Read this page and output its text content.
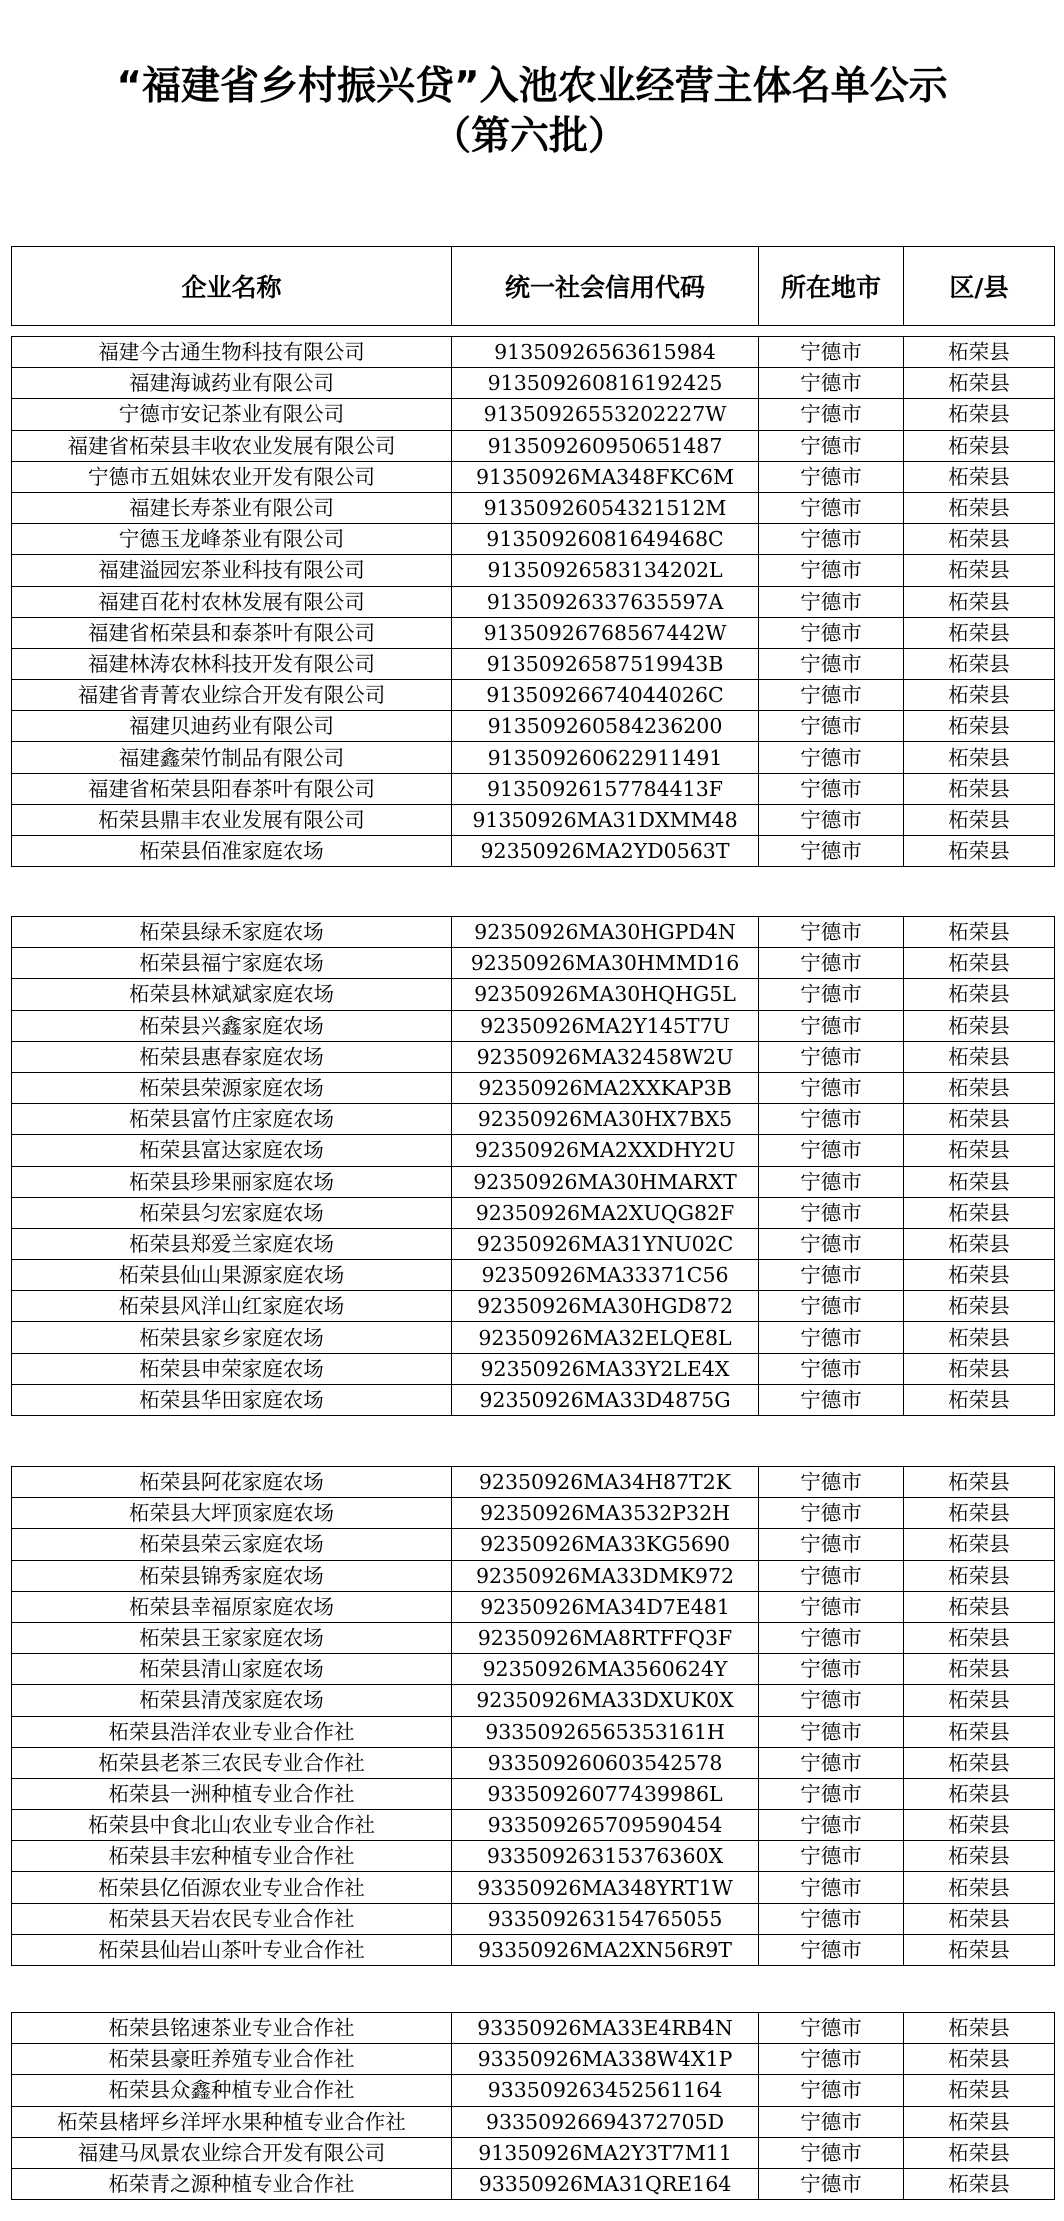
“福建省乡村振兴贷”入池农业经营主体名单公示
（第六批）
企业名称	统一社会信用代码	所在地市	区/县
福建今古通生物科技有限公司	91350926563615984	宁德市	柘荣县
福建海诚药业有限公司	913509260816192425	宁德市	柘荣县
宁德市安记茶业有限公司	91350926553202227W	宁德市	柘荣县
福建省柘荣县丰收农业发展有限公司	913509260950651487	宁德市	柘荣县
宁德市五姐妹农业开发有限公司	91350926MA348FKC6M	宁德市	柘荣县
福建长寿茶业有限公司	91350926054321512M	宁德市	柘荣县
宁德玉龙峰茶业有限公司	91350926081649468C	宁德市	柘荣县
福建溢园宏茶业科技有限公司	91350926583134202L	宁德市	柘荣县
福建百花村农林发展有限公司	91350926337635597A	宁德市	柘荣县
福建省柘荣县和泰茶叶有限公司	91350926768567442W	宁德市	柘荣县
福建林涛农林科技开发有限公司	91350926587519943B	宁德市	柘荣县
福建省青菁农业综合开发有限公司	91350926674044026C	宁德市	柘荣县
福建贝迪药业有限公司	913509260584236200	宁德市	柘荣县
福建鑫荣竹制品有限公司	913509260622911491	宁德市	柘荣县
福建省柘荣县阳春茶叶有限公司	91350926157784413F	宁德市	柘荣县
柘荣县鼎丰农业发展有限公司	91350926MA31DXMM48	宁德市	柘荣县
柘荣县佰准家庭农场	92350926MA2YD0563T	宁德市	柘荣县
柘荣县绿禾家庭农场	92350926MA30HGPD4N	宁德市	柘荣县
柘荣县福宁家庭农场	92350926MA30HMMD16	宁德市	柘荣县
柘荣县林斌斌家庭农场	92350926MA30HQHG5L	宁德市	柘荣县
柘荣县兴鑫家庭农场	92350926MA2Y145T7U	宁德市	柘荣县
柘荣县惠春家庭农场	92350926MA32458W2U	宁德市	柘荣县
柘荣县荣源家庭农场	92350926MA2XXKAP3B	宁德市	柘荣县
柘荣县富竹庄家庭农场	92350926MA30HX7BX5	宁德市	柘荣县
柘荣县富达家庭农场	92350926MA2XXDHY2U	宁德市	柘荣县
柘荣县珍果丽家庭农场	92350926MA30HMARXT	宁德市	柘荣县
柘荣县匀宏家庭农场	92350926MA2XUQG82F	宁德市	柘荣县
柘荣县郑爱兰家庭农场	92350926MA31YNU02C	宁德市	柘荣县
柘荣县仙山果源家庭农场	92350926MA33371C56	宁德市	柘荣县
柘荣县风洋山红家庭农场	92350926MA30HGD872	宁德市	柘荣县
柘荣县家乡家庭农场	92350926MA32ELQE8L	宁德市	柘荣县
柘荣县申荣家庭农场	92350926MA33Y2LE4X	宁德市	柘荣县
柘荣县华田家庭农场	92350926MA33D4875G	宁德市	柘荣县
柘荣县阿花家庭农场	92350926MA34H87T2K	宁德市	柘荣县
柘荣县大坪顶家庭农场	92350926MA3532P32H	宁德市	柘荣县
柘荣县荣云家庭农场	92350926MA33KG5690	宁德市	柘荣县
柘荣县锦秀家庭农场	92350926MA33DMK972	宁德市	柘荣县
柘荣县幸福原家庭农场	92350926MA34D7E481	宁德市	柘荣县
柘荣县王家家庭农场	92350926MA8RTFFQ3F	宁德市	柘荣县
柘荣县清山家庭农场	92350926MA3560624Y	宁德市	柘荣县
柘荣县清茂家庭农场	92350926MA33DXUK0X	宁德市	柘荣县
柘荣县浩洋农业专业合作社	93350926565353161H	宁德市	柘荣县
柘荣县老茶三农民专业合作社	933509260603542578	宁德市	柘荣县
柘荣县一洲种植专业合作社	93350926077439986L	宁德市	柘荣县
柘荣县中食北山农业专业合作社	933509265709590454	宁德市	柘荣县
柘荣县丰宏种植专业合作社	93350926315376360X	宁德市	柘荣县
柘荣县亿佰源农业专业合作社	93350926MA348YRT1W	宁德市	柘荣县
柘荣县天岩农民专业合作社	933509263154765055	宁德市	柘荣县
柘荣县仙岩山茶叶专业合作社	93350926MA2XN56R9T	宁德市	柘荣县
柘荣县铭速茶业专业合作社	93350926MA33E4RB4N	宁德市	柘荣县
柘荣县豪旺养殖专业合作社	93350926MA338W4X1P	宁德市	柘荣县
柘荣县众鑫种植专业合作社	933509263452561164	宁德市	柘荣县
柘荣县楮坪乡洋坪水果种植专业合作社	93350926694372705D	宁德市	柘荣县
福建马凤景农业综合开发有限公司	91350926MA2Y3T7M11	宁德市	柘荣县
柘荣青之源种植专业合作社	93350926MA31QRE164	宁德市	柘荣县
